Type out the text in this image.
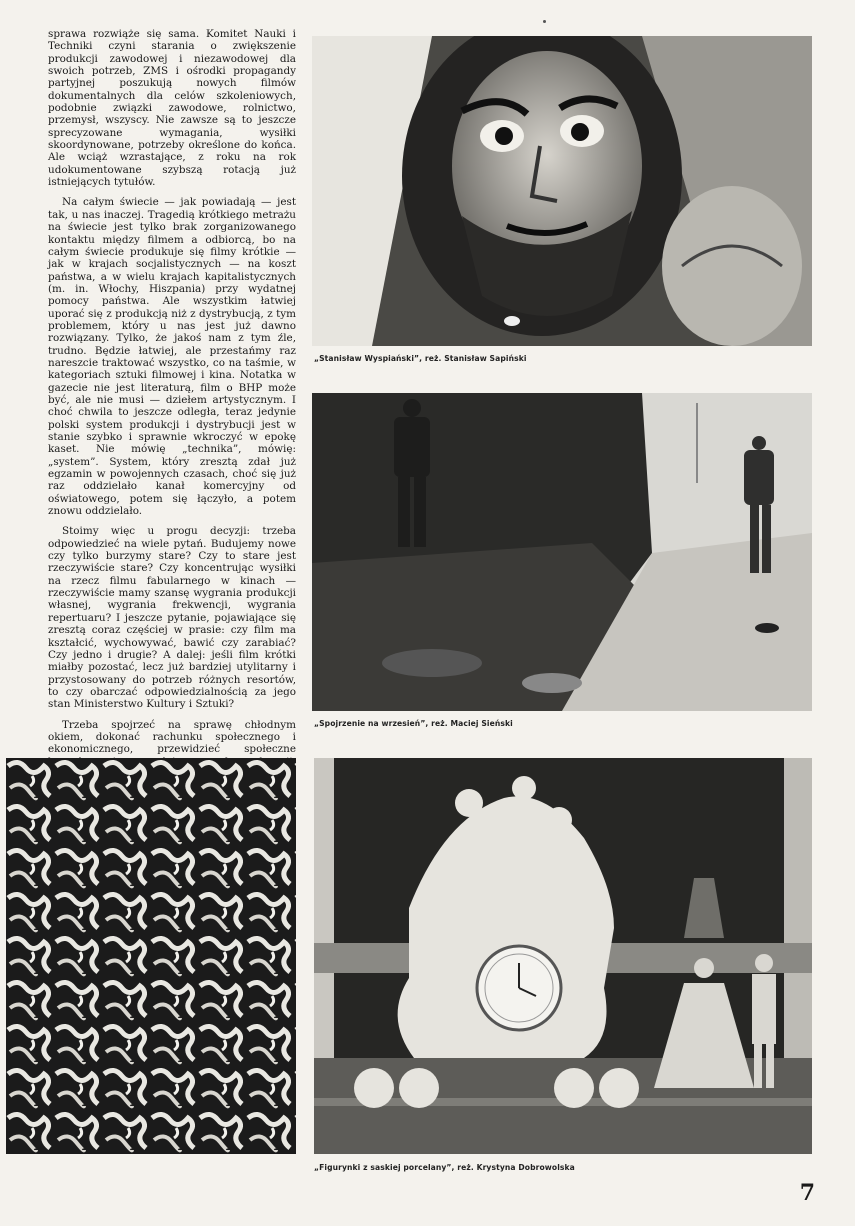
sprawa rozwiąże się sama. Komitet Nauki i Techniki czyni starania o zwiększenie produkcji zawodowej i niezawodowej dla swoich potrzeb, ZMS i ośrodki propagandy partyjnej poszukują nowych filmów dokumentalnych dla celów szkoleniowych, podobnie związki zawodowe, rolnictwo, przemysł, wszyscy. Nie zawsze są to jeszcze sprecyzowane wymagania, wysiłki skoordynowane, potrzeby określone do końca. Ale wciąż wzrastające, z roku na rok udokumentowane szybszą rotacją już istniejących tytułów.

Na całym świecie — jak powiadają — jest tak, u nas inaczej. Tragedią krótkiego metrażu na świecie jest tylko brak zorganizowanego kontaktu między filmem a odbiorcą, bo na całym świecie produkuje się filmy krótkie — jak w krajach socjalistycznych — na koszt państwa, a w wielu krajach kapitalistycznych (m. in. Włochy, Hiszpania) przy wydatnej pomocy państwa. Ale wszystkim łatwiej uporać się z produkcją niż z dystrybucją, z tym problemem, który u nas jest już dawno rozwiązany. Tylko, że jakoś nam z tym źle, trudno. Będzie łatwiej, ale przestańmy raz nareszcie traktować wszystko, co na taśmie, w kategoriach sztuki filmowej i kina. Notatka w gazecie nie jest literaturą, film o BHP może być, ale nie musi — dziełem artystycznym. I choć chwila to jeszcze odległa, teraz jedynie polski system produkcji i dystrybucji jest w stanie szybko i sprawnie wkroczyć w epokę kaset. Nie mówię „technika”, mówię: „system”. System, który zresztą zdał już egzamin w powojennych czasach, choć się już raz oddzielało kanał komercyjny od oświatowego, potem się łączyło, a potem znowu oddzielało.

Stoimy więc u progu decyzji: trzeba odpowiedzieć na wiele pytań. Budujemy nowe czy tylko burzymy stare? Czy to stare jest rzeczywiście stare? Czy koncentrując wysiłki na rzecz filmu fabularnego w kinach — rzeczywiście mamy szansę wygrania produkcji własnej, wygrania frekwencji, wygrania repertuaru? I jeszcze pytanie, pojawiające się zresztą coraz częściej w prasie: czy film ma kształcić, wychowywać, bawić czy zarabiać? Czy jedno i drugie? A dalej: jeśli film krótki miałby pozostać, lecz już bardziej utylitarny i przystosowany do potrzeb różnych resortów, to czy obarczać odpowiedzialnością za jego stan Ministerstwo Kultury i Sztuki?

Trzeba spojrzeć na sprawę chłodnym okiem, dokonać rachunku społecznego i ekonomicznego, przewidzieć społeczne

„Stanisław Wyspiański”, reż. Stanisław Sapiński
„Spojrzenie na wrzesień”, reż. Maciej Sieński
„Figurynki z saskiej porcelany”, reż. Krystyna Dobrowolska
7
